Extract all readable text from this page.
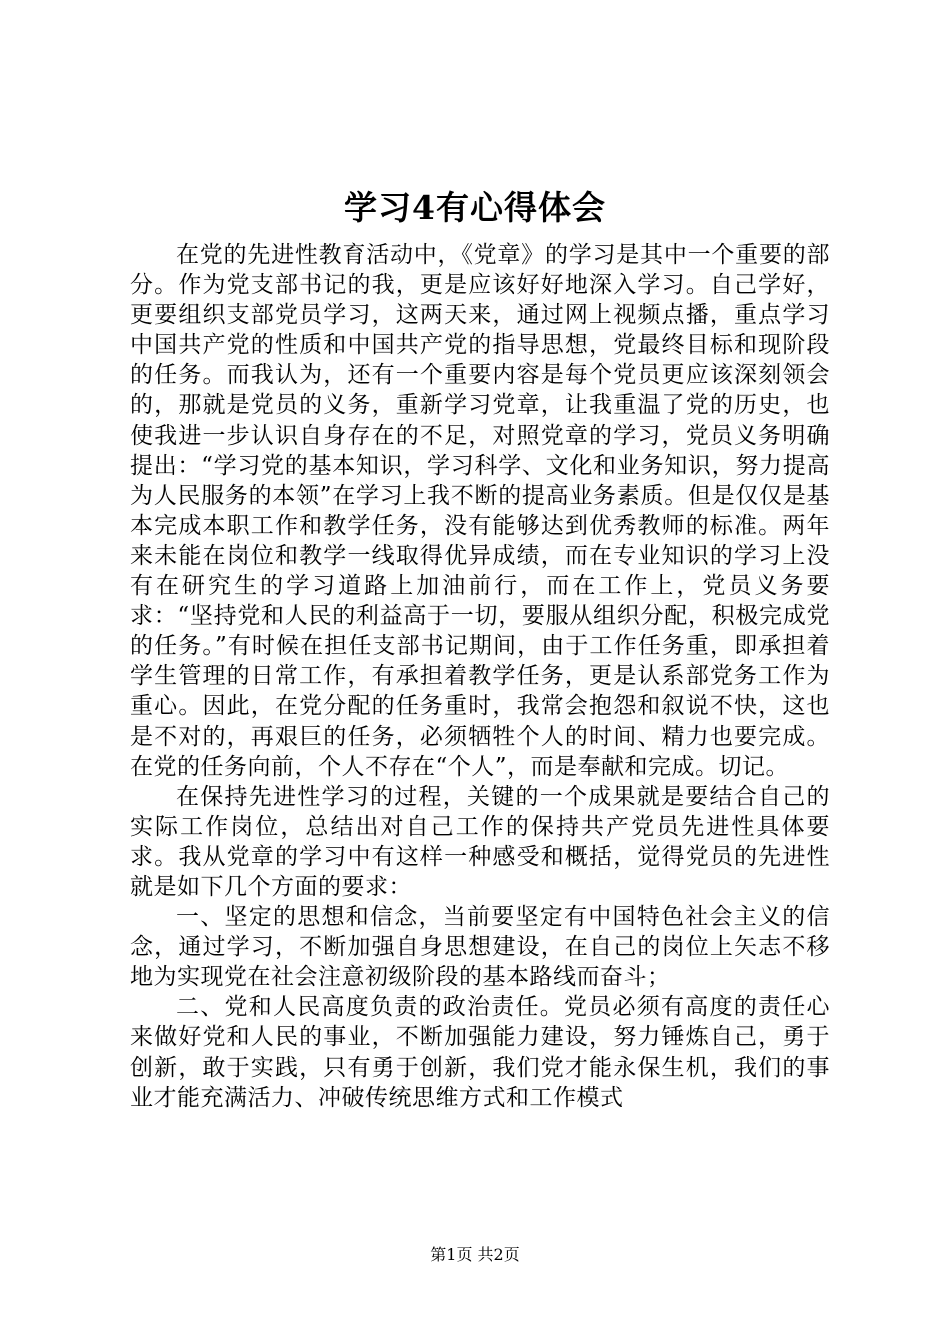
学习4有心得体会

在党的先进性教育活动中，《党章》的学习是其中一个重要的部分。作为党支部书记的我，更是应该好好地深入学习。自己学好，更要组织支部党员学习，这两天来，通过网上视频点播，重点学习中国共产党的性质和中国共产党的指导思想，党最终目标和现阶段的任务。而我认为，还有一个重要内容是每个党员更应该深刻领会的，那就是党员的义务，重新学习党章，让我重温了党的历史，也使我进一步认识自身存在的不足，对照党章的学习，党员义务明确提出：“学习党的基本知识，学习科学、文化和业务知识，努力提高为人民服务的本领”在学习上我不断的提高业务素质。但是仅仅是基本完成本职工作和教学任务，没有能够达到优秀教师的标准。两年来未能在岗位和教学一线取得优异成绩，而在专业知识的学习上没有在研究生的学习道路上加油前行，而在工作上，党员义务要求：“坚持党和人民的利益高于一切，要服从组织分配，积极完成党的任务。”有时候在担任支部书记期间，由于工作任务重，即承担着学生管理的日常工作，有承担着教学任务，更是认系部党务工作为重心。因此，在党分配的任务重时，我常会抱怨和叙说不快，这也是不对的，再艰巨的任务，必须牺牲个人的时间、精力也要完成。在党的任务向前，个人不存在“个人”，而是奉献和完成。切记。

在保持先进性学习的过程，关键的一个成果就是要结合自己的实际工作岗位，总结出对自己工作的保持共产党员先进性具体要求。我从党章的学习中有这样一种感受和概括，觉得党员的先进性就是如下几个方面的要求：

一、坚定的思想和信念，当前要坚定有中国特色社会主义的信念，通过学习，不断加强自身思想建设，在自己的岗位上矢志不移地为实现党在社会注意初级阶段的基本路线而奋斗；

二、党和人民高度负责的政治责任。党员必须有高度的责任心来做好党和人民的事业，不断加强能力建设，努力锤炼自己，勇于创新，敢于实践，只有勇于创新，我们党才能永保生机，我们的事业才能充满活力、冲破传统思维方式和工作模式

第1页 共2页
